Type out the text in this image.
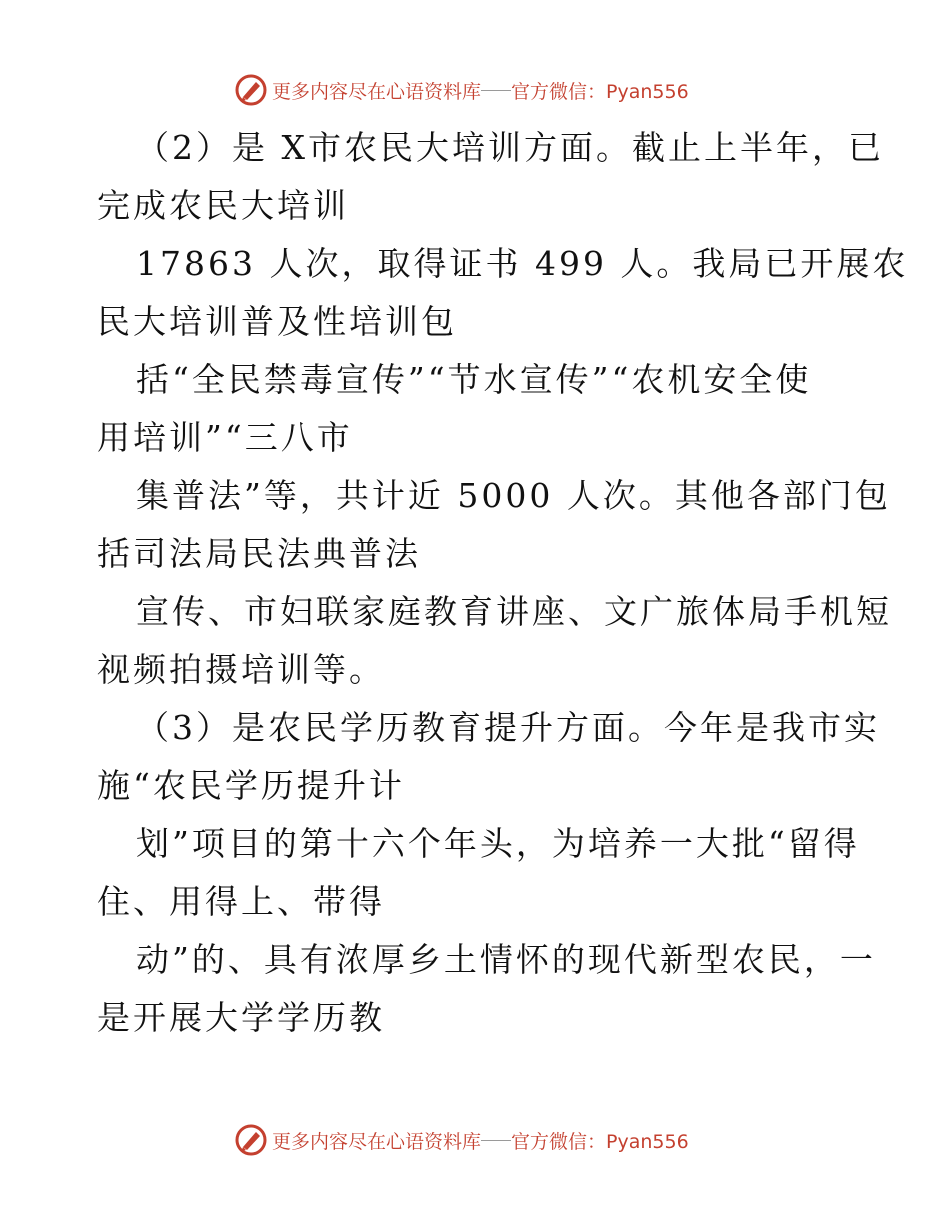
更多内容尽在心语资料库 官方微信：Pyan556
（2）是 X市农民大培训方面。截止上半年，已
完成农民大培训
17863 人次，取得证书 499 人。我局已开展农
民大培训普及性培训包
括“全民禁毒宣传”“节水宣传”“农机安全使
用培训”“三八市
集普法”等，共计近 5000 人次。其他各部门包
括司法局民法典普法
宣传、市妇联家庭教育讲座、文广旅体局手机短
视频拍摄培训等。
（3）是农民学历教育提升方面。今年是我市实
施“农民学历提升计
划”项目的第十六个年头，为培养一大批“留得
住、用得上、带得
动”的、具有浓厚乡土情怀的现代新型农民，一
是开展大学学历教
更多内容尽在心语资料库 官方微信：Pyan556
